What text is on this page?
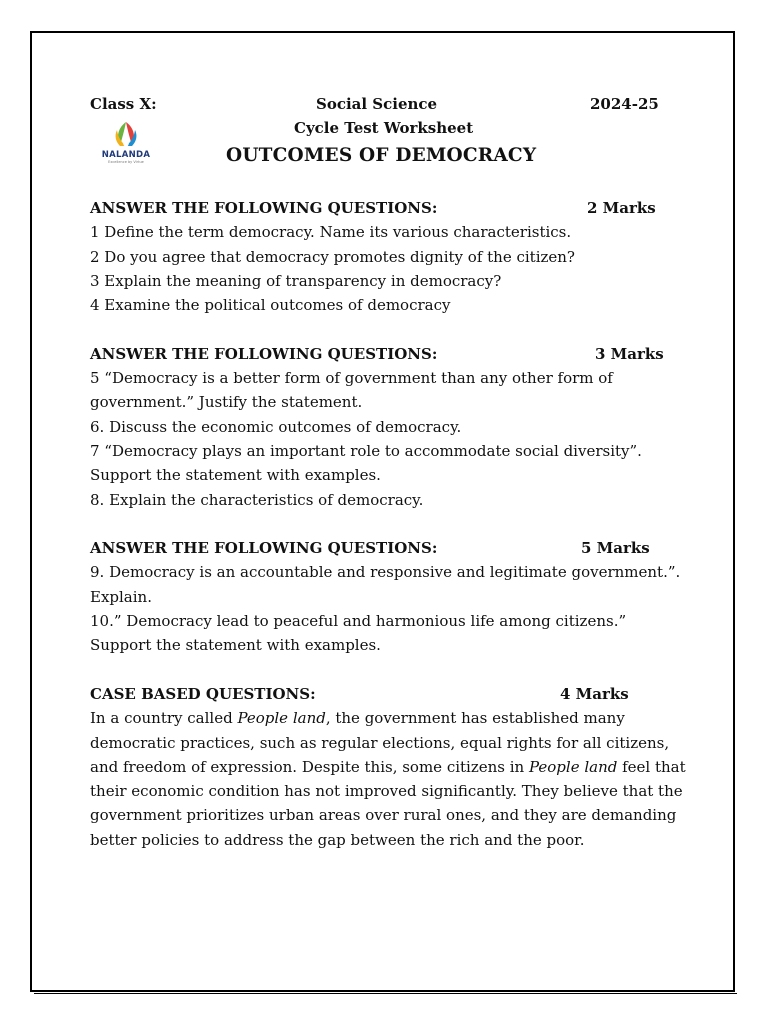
Class X:	Social Science	2024-25
Cycle Test Worksheet
OUTCOMES OF DEMOCRACY
NALANDA
Excellence by Virtue
ANSWER THE FOLLOWING QUESTIONS:	2 Marks

1 Define the term democracy. Name its various characteristics.

2 Do you agree that democracy promotes dignity of the citizen?

3 Explain the meaning of transparency in democracy?

4 Examine the political outcomes of democracy

ANSWER THE FOLLOWING QUESTIONS:	3 Marks

5 “Democracy is a better form of government than any other form of

government.” Justify the statement.

6. Discuss the economic outcomes of democracy.

7 “Democracy plays an important role to accommodate social diversity”.

Support the statement with examples.

8. Explain the characteristics of democracy.

ANSWER THE FOLLOWING QUESTIONS:	5 Marks

9. Democracy is an accountable and responsive and legitimate government.”.

Explain.

10.” Democracy lead to peaceful and harmonious life among citizens.”

Support the statement with examples.

CASE BASED QUESTIONS:	4 Marks

In a country called People land, the government has established many

democratic practices, such as regular elections, equal rights for all citizens,

and freedom of expression. Despite this, some citizens in People land feel that

their economic condition has not improved significantly. They believe that the

government prioritizes urban areas over rural ones, and they are demanding

better policies to address the gap between the rich and the poor.
